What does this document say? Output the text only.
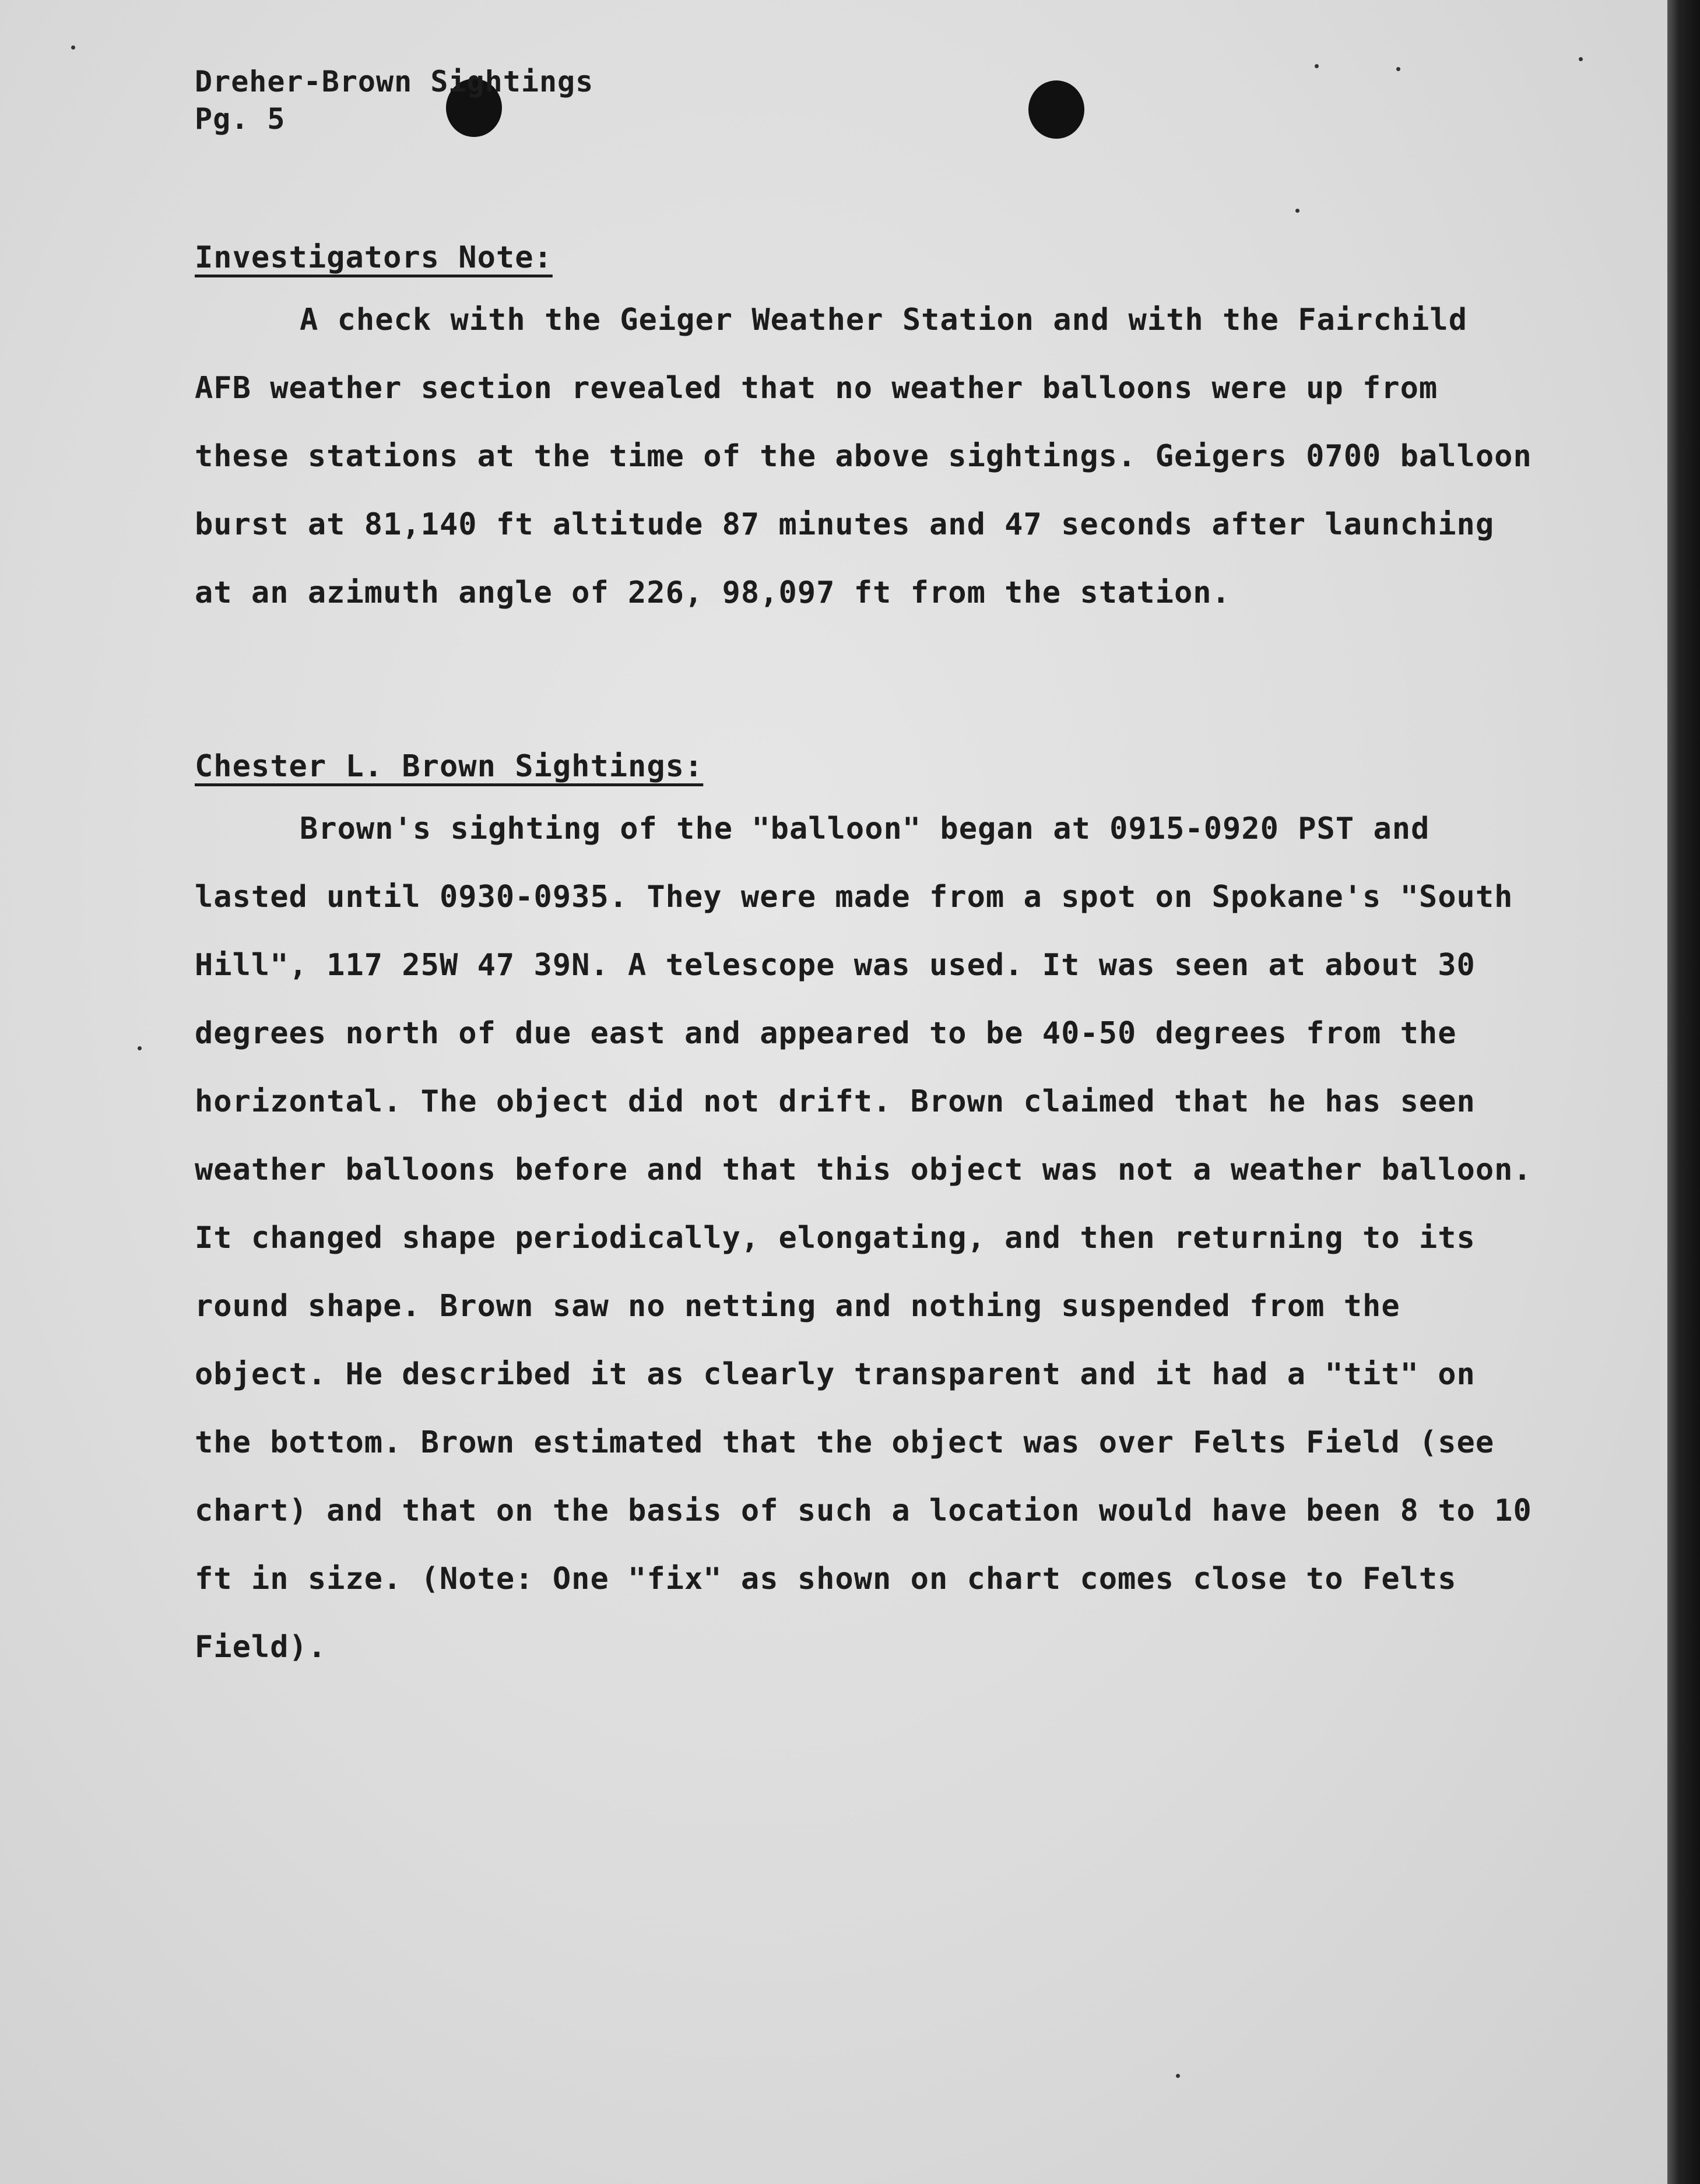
Dreher-Brown Sightings
Pg. 5
Investigators Note:
A check with the Geiger Weather Station and with the Fairchild AFB weather section revealed that no weather balloons were up from these stations at the time of the above sightings. Geigers 0700 balloon burst at 81,140 ft altitude 87 minutes and 47 seconds after launching at an azimuth angle of 226, 98,097 ft from the station.
Chester L. Brown Sightings:
Brown's sighting of the "balloon" began at 0915-0920 PST and lasted until 0930-0935. They were made from a spot on Spokane's "South Hill", 117 25W 47 39N. A telescope was used. It was seen at about 30 degrees north of due east and appeared to be 40-50 degrees from the horizontal. The object did not drift. Brown claimed that he has seen weather balloons before and that this object was not a weather balloon. It changed shape periodically, elongating, and then returning to its round shape. Brown saw no netting and nothing suspended from the object. He described it as clearly transparent and it had a "tit" on the bottom. Brown estimated that the object was over Felts Field (see chart) and that on the basis of such a location would have been 8 to 10 ft in size. (Note: One "fix" as shown on chart comes close to Felts Field).
